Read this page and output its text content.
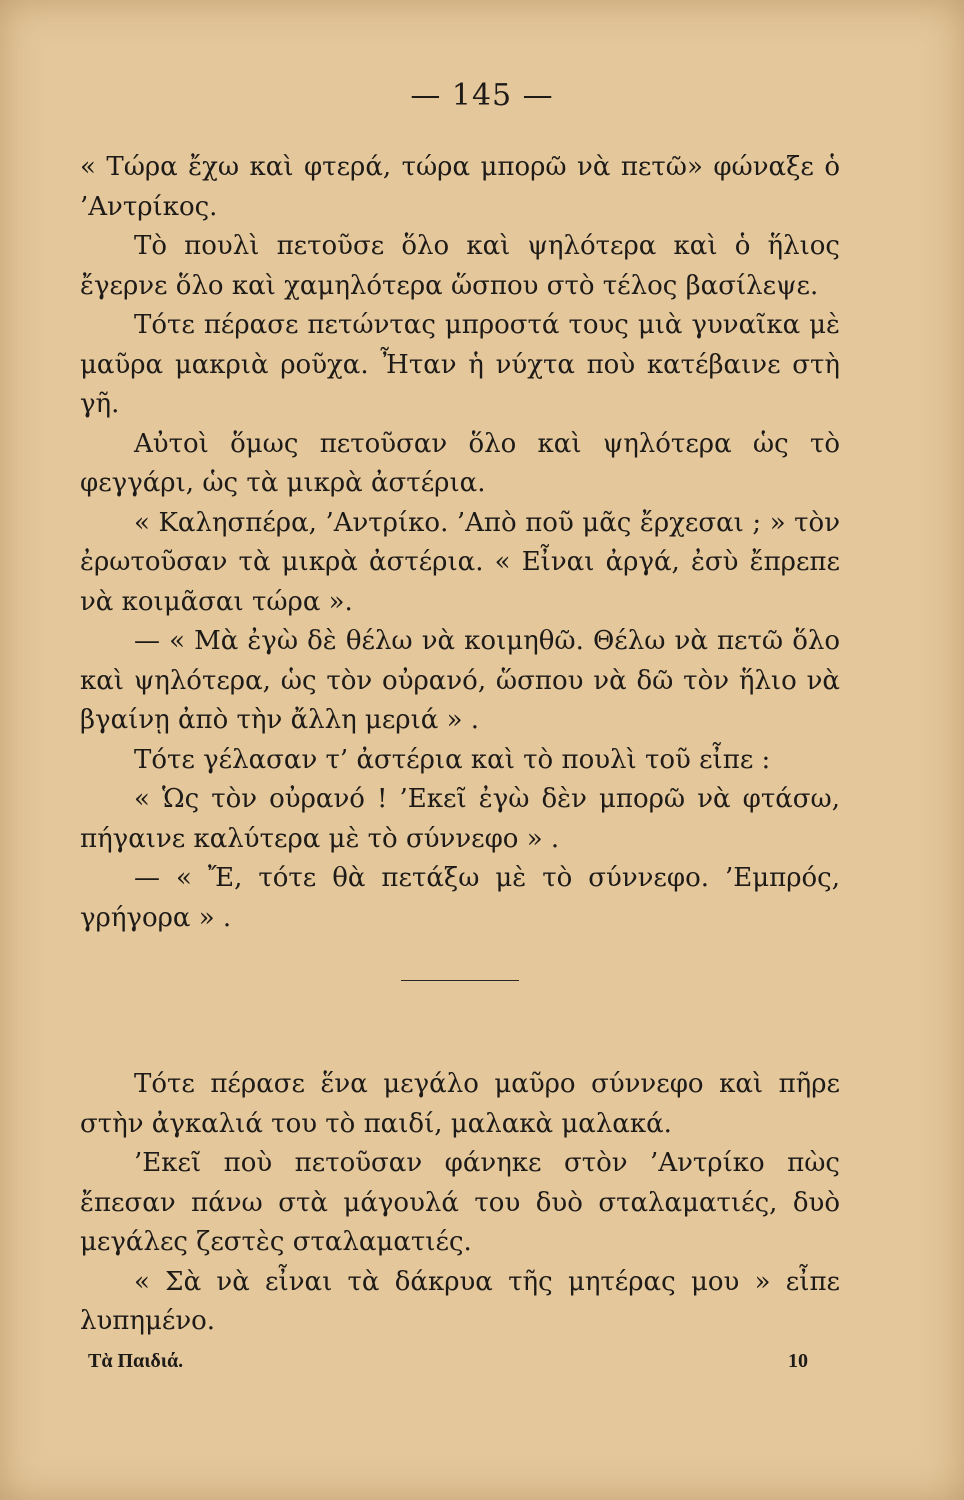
— 145 —

« Τώρα ἔχω καὶ φτερά, τώρα μπορῶ νὰ πετῶ» φώναξε ὁ ’Αντρίκος.

Τὸ πουλὶ πετοῦσε ὅλο καὶ ψηλότερα καὶ ὁ ἥλιος ἔγερνε ὅλο καὶ χαμηλότερα ὥσπου στὸ τέλος βασίλεψε.

Τότε πέρασε πετώντας μπροστά τους μιὰ γυναῖκα μὲ μαῦρα μακριὰ ροῦχα. Ἦταν ἡ νύχτα ποὺ κατέβαινε στὴ γῆ.

Αὐτοὶ ὅμως πετοῦσαν ὅλο καὶ ψηλότερα ὡς τὸ φεγγάρι, ὡς τὰ μικρὰ ἀστέρια.

« Καλησπέρα, ’Αντρίκο. ’Απὸ ποῦ μᾶς ἔρχεσαι ; » τὸν ἐρωτοῦσαν τὰ μικρὰ ἀστέρια. « Εἶναι ἀργά, ἐσὺ ἔπρεπε νὰ κοιμᾶσαι τώρα ».

— « Μὰ ἐγὼ δὲ θέλω νὰ κοιμηθῶ. Θέλω νὰ πετῶ ὅλο καὶ ψηλότερα, ὡς τὸν οὐρανό, ὥσπου νὰ δῶ τὸν ἥλιο νὰ βγαίνῃ ἀπὸ τὴν ἄλλη μεριά » .

Τότε γέλασαν τ’ ἀστέρια καὶ τὸ πουλὶ τοῦ εἶπε :

« Ὡς τὸν οὐρανό ! ’Εκεῖ ἐγὼ δὲν μπορῶ νὰ φτάσω, πήγαινε καλύτερα μὲ τὸ σύννεφο » .

— « Ἔ, τότε θὰ πετάξω μὲ τὸ σύννεφο. ’Εμπρός, γρήγορα » .

Τότε πέρασε ἕνα μεγάλο μαῦρο σύννεφο καὶ πῆρε στὴν ἀγκαλιά του τὸ παιδί, μαλακὰ μαλακά.

’Εκεῖ ποὺ πετοῦσαν φάνηκε στὸν ’Αντρίκο πὼς ἔπεσαν πάνω στὰ μάγουλά του δυὸ σταλαματιές, δυὸ μεγάλες ζεστὲς σταλαματιές.

« Σὰ νὰ εἶναι τὰ δάκρυα τῆς μητέρας μου » εἶπε λυπημένο.

Τὰ Παιδιά.	10
